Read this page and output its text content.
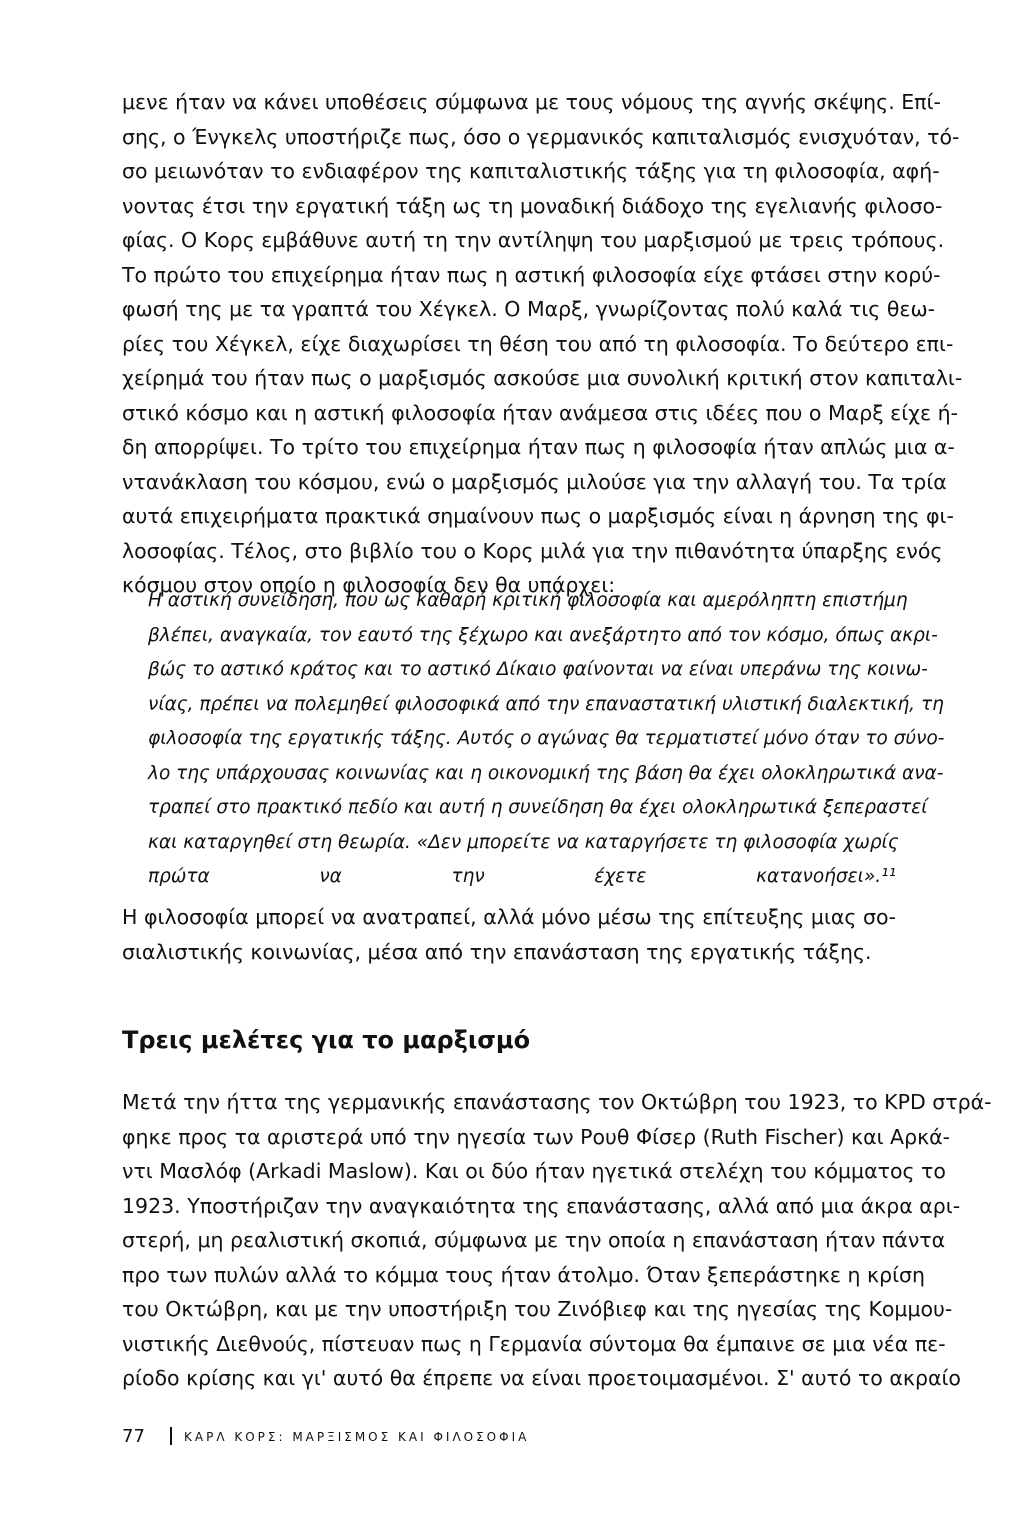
μενε ήταν να κάνει υποθέσεις σύμφωνα με τους νόμους της αγνής σκέψης. Επί-
σης, ο Ένγκελς υποστήριζε πως, όσο ο γερμανικός καπιταλισμός ενισχυόταν, τό-
σο μειωνόταν το ενδιαφέρον της καπιταλιστικής τάξης για τη φιλοσοφία, αφή-
νοντας έτσι την εργατική τάξη ως τη μοναδική διάδοχο της εγελιανής φιλοσο-
φίας. Ο Κορς εμβάθυνε αυτή τη την αντίληψη του μαρξισμού με τρεις τρόπους.
Το πρώτο του επιχείρημα ήταν πως η αστική φιλοσοφία είχε φτάσει στην κορύ-
φωσή της με τα γραπτά του Χέγκελ. Ο Μαρξ, γνωρίζοντας πολύ καλά τις θεω-
ρίες του Χέγκελ, είχε διαχωρίσει τη θέση του από τη φιλοσοφία. Το δεύτερο επι-
χείρημά του ήταν πως ο μαρξισμός ασκούσε μια συνολική κριτική στον καπιταλι-
στικό κόσμο και η αστική φιλοσοφία ήταν ανάμεσα στις ιδέες που ο Μαρξ είχε ή-
δη απορρίψει. Το τρίτο του επιχείρημα ήταν πως η φιλοσοφία ήταν απλώς μια α-
ντανάκλαση του κόσμου, ενώ ο μαρξισμός μιλούσε για την αλλαγή του. Τα τρία
αυτά επιχειρήματα πρακτικά σημαίνουν πως ο μαρξισμός είναι η άρνηση της φι-
λοσοφίας. Τέλος, στο βιβλίο του ο Κορς μιλά για την πιθανότητα ύπαρξης ενός
κόσμου στον οποίο η φιλοσοφία δεν θα υπάρχει:
Η αστική συνείδηση, που ως καθαρή κριτική φιλοσοφία και αμερόληπτη επιστήμη
βλέπει, αναγκαία, τον εαυτό της ξέχωρο και ανεξάρτητο από τον κόσμο, όπως ακρι-
βώς το αστικό κράτος και το αστικό Δίκαιο φαίνονται να είναι υπεράνω της κοινω-
νίας, πρέπει να πολεμηθεί φιλοσοφικά από την επαναστατική υλιστική διαλεκτική, τη
φιλοσοφία της εργατικής τάξης. Αυτός ο αγώνας θα τερματιστεί μόνο όταν το σύνο-
λο της υπάρχουσας κοινωνίας και η οικονομική της βάση θα έχει ολοκληρωτικά ανα-
τραπεί στο πρακτικό πεδίο και αυτή η συνείδηση θα έχει ολοκληρωτικά ξεπεραστεί
και καταργηθεί στη θεωρία. «Δεν μπορείτε να καταργήσετε τη φιλοσοφία χωρίς
πρώτα να την έχετε κατανοήσει».¹¹
Η φιλοσοφία μπορεί να ανατραπεί, αλλά μόνο μέσω της επίτευξης μιας σο-
σιαλιστικής κοινωνίας, μέσα από την επανάσταση της εργατικής τάξης.
Τρεις μελέτες για το μαρξισμό
Μετά την ήττα της γερμανικής επανάστασης τον Οκτώβρη του 1923, το KPD στρά-
φηκε προς τα αριστερά υπό την ηγεσία των Ρουθ Φίσερ (Ruth Fischer) και Αρκά-
ντι Μασλόφ (Arkadi Maslow). Και οι δύο ήταν ηγετικά στελέχη του κόμματος το
1923. Υποστήριζαν την αναγκαιότητα της επανάστασης, αλλά από μια άκρα αρι-
στερή, μη ρεαλιστική σκοπιά, σύμφωνα με την οποία η επανάσταση ήταν πάντα
προ των πυλών αλλά το κόμμα τους ήταν άτολμο. Όταν ξεπεράστηκε η κρίση
του Οκτώβρη, και με την υποστήριξη του Ζινόβιεφ και της ηγεσίας της Κομμου-
νιστικής Διεθνούς, πίστευαν πως η Γερμανία σύντομα θα έμπαινε σε μια νέα πε-
ρίοδο κρίσης και γι' αυτό θα έπρεπε να είναι προετοιμασμένοι. Σ' αυτό το ακραίο
77	ΚΑΡΛ ΚΟΡΣ: ΜΑΡΞΙΣΜΟΣ ΚΑΙ ΦΙΛΟΣΟΦΙΑ
